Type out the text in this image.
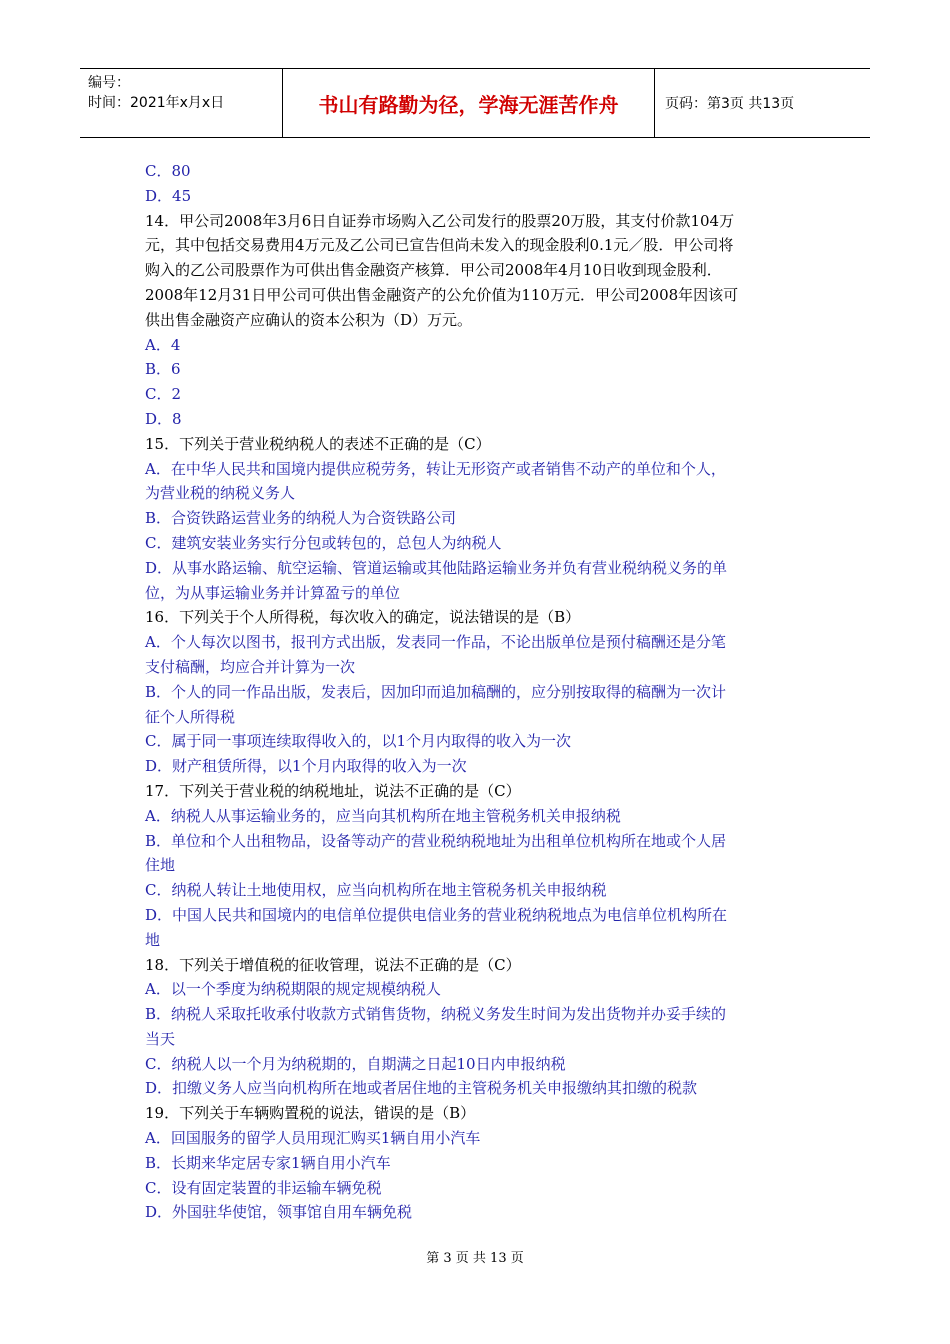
编号：
时间：2021年x月x日	书山有路勤为径，学海无涯苦作舟	页码：第3页 共13页
C．80
D．45
14．甲公司2008年3月6日自证券市场购入乙公司发行的股票20万股，其支付价款104万
元，其中包括交易费用4万元及乙公司已宣告但尚未发入的现金股利0.1元／股．甲公司将
购入的乙公司股票作为可供出售金融资产核算．甲公司2008年4月10日收到现金股利．
2008年12月31日甲公司可供出售金融资产的公允价值为110万元．甲公司2008年因该可
供出售金融资产应确认的资本公积为（D）万元。
A．4
B．6
C．2
D．8
15．下列关于营业税纳税人的表述不正确的是（C）
A．在中华人民共和国境内提供应税劳务，转让无形资产或者销售不动产的单位和个人，
为营业税的纳税义务人
B．合资铁路运营业务的纳税人为合资铁路公司
C．建筑安装业务实行分包或转包的，总包人为纳税人
D．从事水路运输、航空运输、管道运输或其他陆路运输业务并负有营业税纳税义务的单
位，为从事运输业务并计算盈亏的单位
16．下列关于个人所得税，每次收入的确定，说法错误的是（B）
A．个人每次以图书，报刊方式出版，发表同一作品，不论出版单位是预付稿酬还是分笔
支付稿酬，均应合并计算为一次
B．个人的同一作品出版，发表后，因加印而追加稿酬的，应分别按取得的稿酬为一次计
征个人所得税
C．属于同一事项连续取得收入的，以1个月内取得的收入为一次
D．财产租赁所得，以1个月内取得的收入为一次
17．下列关于营业税的纳税地址，说法不正确的是（C）
A．纳税人从事运输业务的，应当向其机构所在地主管税务机关申报纳税
B．单位和个人出租物品，设备等动产的营业税纳税地址为出租单位机构所在地或个人居
住地
C．纳税人转让土地使用权，应当向机构所在地主管税务机关申报纳税
D．中国人民共和国境内的电信单位提供电信业务的营业税纳税地点为电信单位机构所在
地
18．下列关于增值税的征收管理，说法不正确的是（C）
A．以一个季度为纳税期限的规定规模纳税人
B．纳税人采取托收承付收款方式销售货物，纳税义务发生时间为发出货物并办妥手续的
当天
C．纳税人以一个月为纳税期的，自期满之日起10日内申报纳税
D．扣缴义务人应当向机构所在地或者居住地的主管税务机关申报缴纳其扣缴的税款
19．下列关于车辆购置税的说法，错误的是（B）
A．回国服务的留学人员用现汇购买1辆自用小汽车
B．长期来华定居专家1辆自用小汽车
C．设有固定装置的非运输车辆免税
D．外国驻华使馆，领事馆自用车辆免税
第 3 页 共 13 页
